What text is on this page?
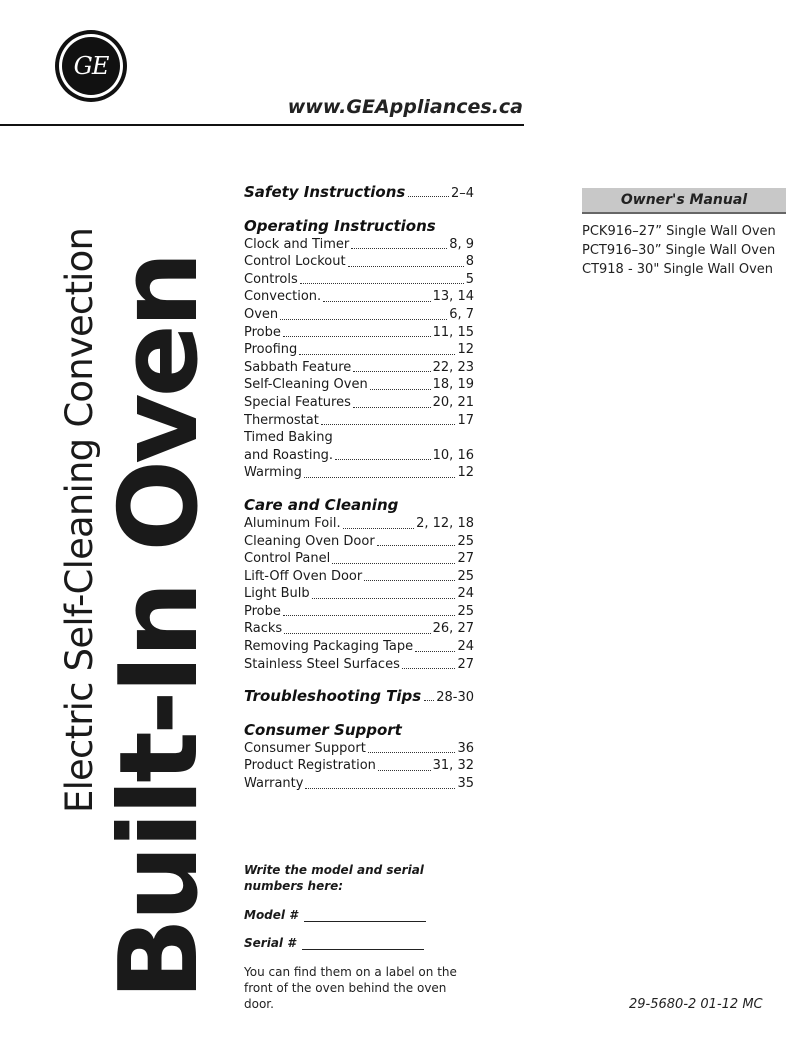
GE
www.GEAppliances.ca
Electric Self-Cleaning Convection
Built-In Oven
Safety Instructions	2–4
Operating Instructions
Clock and Timer	8, 9
Control Lockout	8
Controls	5
Convection.	13, 14
Oven	6, 7
Probe	11, 15
Proofing	12
Sabbath Feature	22, 23
Self-Cleaning Oven	18, 19
Special Features	20, 21
Thermostat	17
Timed Baking
and Roasting.	10, 16
Warming	12
Care and Cleaning
Aluminum Foil.	2, 12, 18
Cleaning Oven Door	25
Control Panel	27
Lift-Off Oven Door	25
Light Bulb	24
Probe	25
Racks	26, 27
Removing Packaging Tape	24
Stainless Steel Surfaces	27
Troubleshooting Tips 28-30
Consumer Support
Consumer Support	36
Product Registration	31, 32
Warranty	35
Owner's Manual
PCK916–27” Single Wall Oven
PCT916–30” Single Wall Oven
CT918 - 30" Single Wall Oven
Write the model and serial numbers here:
Model #
Serial #
You can find them on a label on the front of the oven behind the oven door.	29-5680-2 01-12 MC
